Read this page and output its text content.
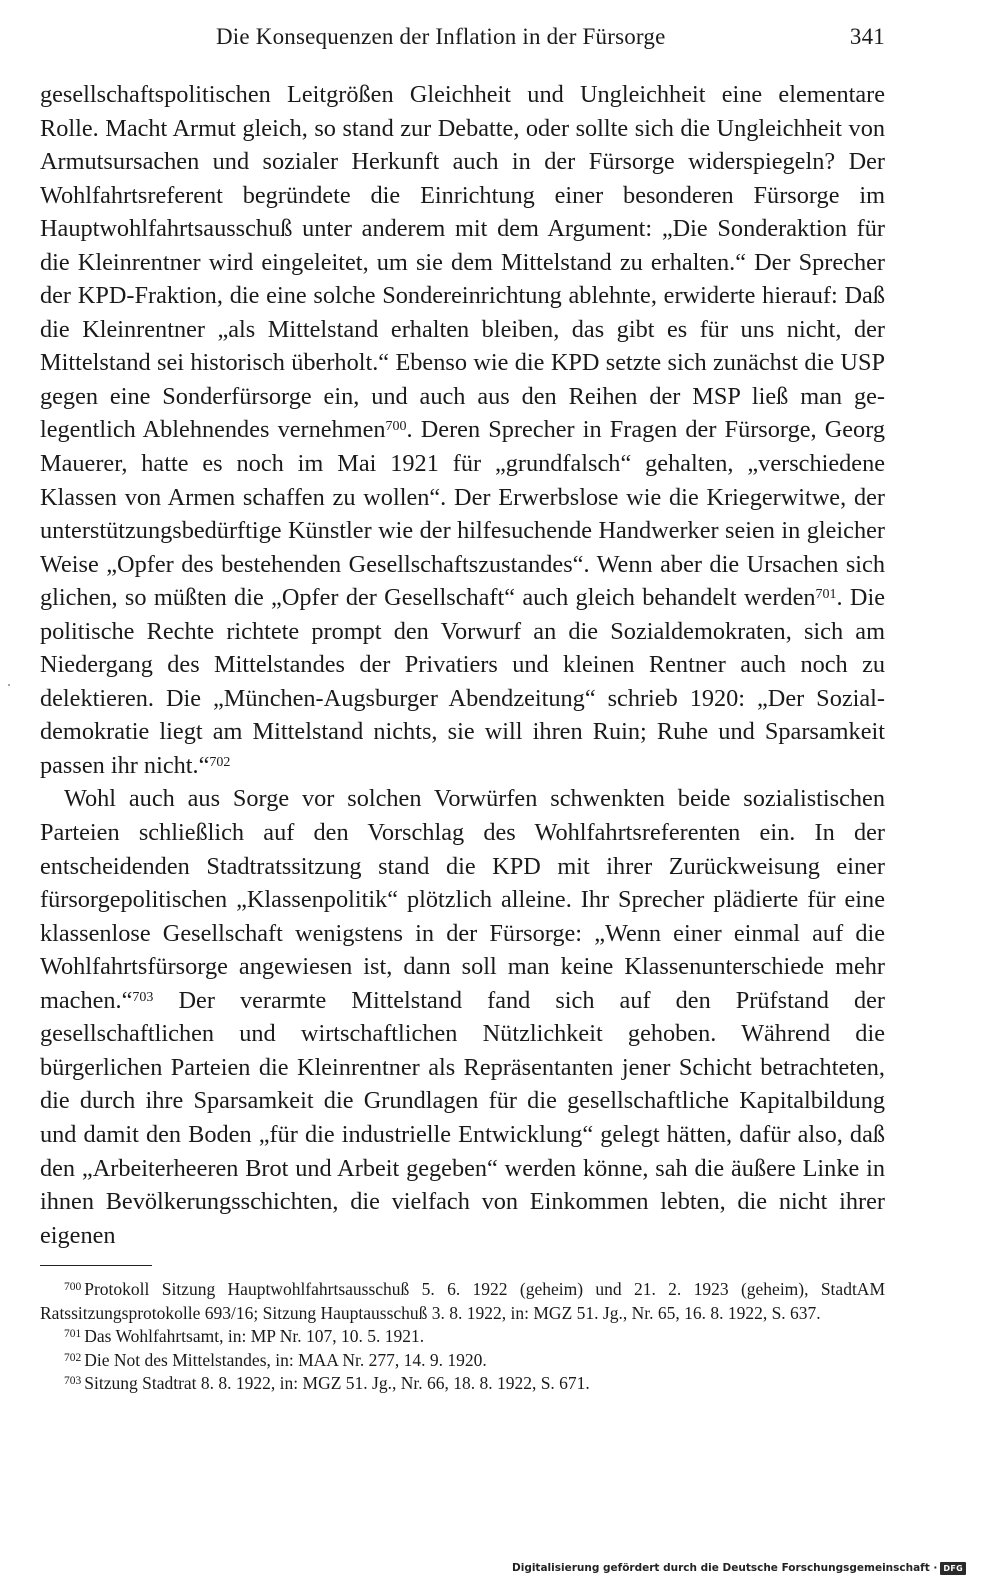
Die Konsequenzen der Inflation in der Fürsorge	341

gesellschaftspolitischen Leitgrößen Gleichheit und Ungleichheit eine elementare Rolle. Macht Armut gleich, so stand zur Debatte, oder sollte sich die Ungleichheit von Armutsursachen und sozialer Herkunft auch in der Fürsorge widerspiegeln? Der Wohlfahrtsreferent begründete die Einrichtung einer besonderen Fürsorge im Hauptwohlfahrtsausschuß unter anderem mit dem Argument: „Die Sonderaktion für die Kleinrentner wird eingeleitet, um sie dem Mittelstand zu erhalten.“ Der Sprecher der KPD-Fraktion, die eine solche Sondereinrichtung ablehnte, erwiderte hierauf: Daß die Kleinrentner „als Mittelstand erhalten bleiben, das gibt es für uns nicht, der Mittelstand sei historisch überholt.“ Ebenso wie die KPD setzte sich zunächst die USP gegen eine Sonderfürsorge ein, und auch aus den Reihen der MSP ließ man gelegentlich Ablehnendes vernehmen$^{700}$. Deren Sprecher in Fragen der Fürsorge, Georg Mauerer, hatte es noch im Mai 1921 für „grundfalsch“ gehalten, „verschiedene Klassen von Armen schaffen zu wollen“. Der Erwerbslose wie die Kriegerwitwe, der unterstützungsbedürftige Künstler wie der hilfesuchende Handwerker seien in gleicher Weise „Opfer des bestehenden Gesellschaftszustandes“. Wenn aber die Ursachen sich glichen, so müßten die „Opfer der Gesellschaft“ auch gleich behandelt werden$^{701}$. Die politische Rechte richtete prompt den Vorwurf an die Sozialdemokraten, sich am Niedergang des Mittelstandes der Privatiers und kleinen Rentner auch noch zu delektieren. Die „München-Augsburger Abendzeitung“ schrieb 1920: „Der Sozialdemokratie liegt am Mittelstand nichts, sie will ihren Ruin; Ruhe und Sparsamkeit passen ihr nicht.“$^{702}$

Wohl auch aus Sorge vor solchen Vorwürfen schwenkten beide sozialistischen Parteien schließlich auf den Vorschlag des Wohlfahrtsreferenten ein. In der entscheidenden Stadtratssitzung stand die KPD mit ihrer Zurückweisung einer fürsorgepolitischen „Klassenpolitik“ plötzlich alleine. Ihr Sprecher plädierte für eine klassenlose Gesellschaft wenigstens in der Fürsorge: „Wenn einer einmal auf die Wohlfahrtsfürsorge angewiesen ist, dann soll man keine Klassenunterschiede mehr machen.“$^{703}$ Der verarmte Mittelstand fand sich auf den Prüfstand der gesellschaftlichen und wirtschaftlichen Nützlichkeit gehoben. Während die bürgerlichen Parteien die Kleinrentner als Repräsentanten jener Schicht betrachteten, die durch ihre Sparsamkeit die Grundlagen für die gesellschaftliche Kapitalbildung und damit den Boden „für die industrielle Entwicklung“ gelegt hätten, dafür also, daß den „Arbeiterheeren Brot und Arbeit gegeben“ werden könne, sah die äußere Linke in ihnen Bevölkerungsschichten, die vielfach von Einkommen lebten, die nicht ihrer eigenen

$^{700}$ Protokoll Sitzung Hauptwohlfahrtsausschuß 5. 6. 1922 (geheim) und 21. 2. 1923 (geheim), StadtAM Ratssitzungsprotokolle 693/16; Sitzung Hauptausschuß 3. 8. 1922, in: MGZ 51. Jg., Nr. 65, 16. 8. 1922, S. 637.

$^{701}$ Das Wohlfahrtsamt, in: MP Nr. 107, 10. 5. 1921.

$^{702}$ Die Not des Mittelstandes, in: MAA Nr. 277, 14. 9. 1920.

$^{703}$ Sitzung Stadtrat 8. 8. 1922, in: MGZ 51. Jg., Nr. 66, 18. 8. 1922, S. 671.

Digitalisierung gefördert durch die Deutsche Forschungsgemeinschaft · DFG
